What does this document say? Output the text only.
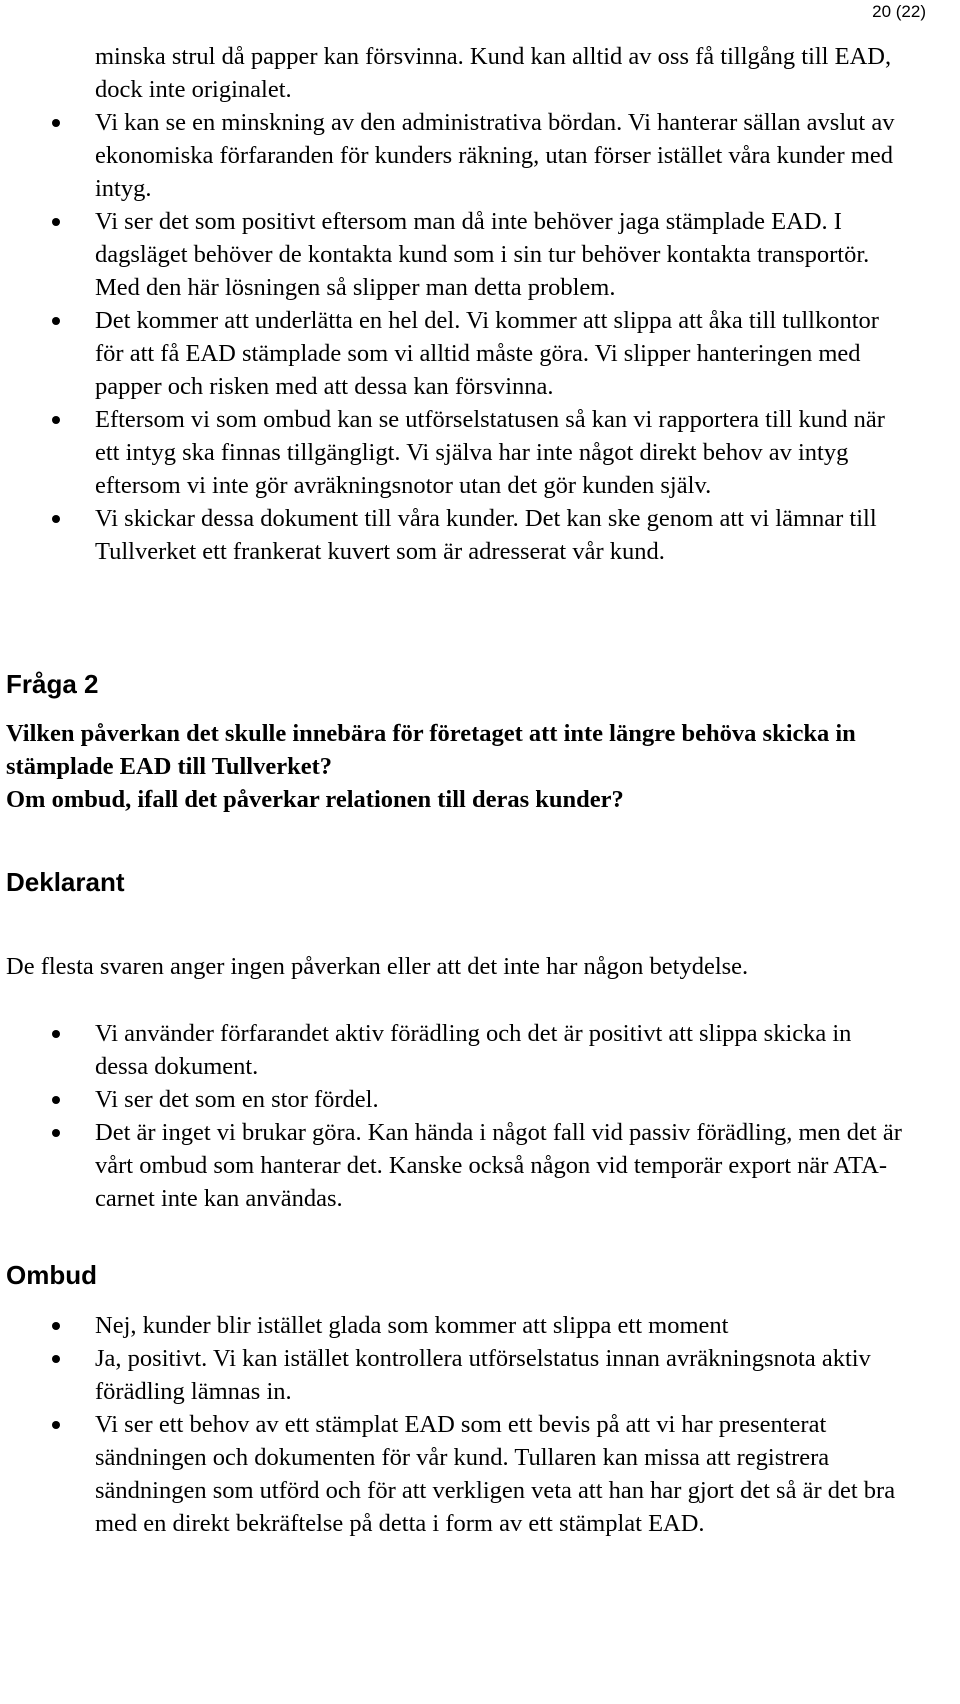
20 (22)
minska strul då papper kan försvinna. Kund kan alltid av oss få tillgång till EAD, dock inte originalet.
Vi kan se en minskning av den administrativa bördan. Vi hanterar sällan avslut av ekonomiska förfaranden för kunders räkning, utan förser istället våra kunder med intyg.
Vi ser det som positivt eftersom man då inte behöver jaga stämplade EAD. I dagsläget behöver de kontakta kund som i sin tur behöver kontakta transportör. Med den här lösningen så slipper man detta problem.
Det kommer att underlätta en hel del. Vi kommer att slippa att åka till tullkontor för att få EAD stämplade som vi alltid måste göra. Vi slipper hanteringen med papper och risken med att dessa kan försvinna.
Eftersom vi som ombud kan se utförselstatusen så kan vi rapportera till kund när ett intyg ska finnas tillgängligt. Vi själva har inte något direkt behov av intyg eftersom vi inte gör avräkningsnotor utan det gör kunden själv.
Vi skickar dessa dokument till våra kunder. Det kan ske genom att vi lämnar till Tullverket ett frankerat kuvert som är adresserat vår kund.
Fråga 2
Vilken påverkan det skulle innebära för företaget att inte längre behöva skicka in stämplade EAD till Tullverket?
Om ombud, ifall det påverkar relationen till deras kunder?
Deklarant

De flesta svaren anger ingen påverkan eller att det inte har någon betydelse.

Vi använder förfarandet aktiv förädling och det är positivt att slippa skicka in dessa dokument.
Vi ser det som en stor fördel.
Det är inget vi brukar göra. Kan hända i något fall vid passiv förädling, men det är vårt ombud som hanterar det. Kanske också någon vid temporär export när ATA-carnet inte kan användas.
Ombud
Nej, kunder blir istället glada som kommer att slippa ett moment
Ja, positivt. Vi kan istället kontrollera utförselstatus innan avräkningsnota aktiv förädling lämnas in.
Vi ser ett behov av ett stämplat EAD som ett bevis på att vi har presenterat sändningen och dokumenten för vår kund. Tullaren kan missa att registrera sändningen som utförd och för att verkligen veta att han har gjort det så är det bra med en direkt bekräftelse på detta i form av ett stämplat EAD.
